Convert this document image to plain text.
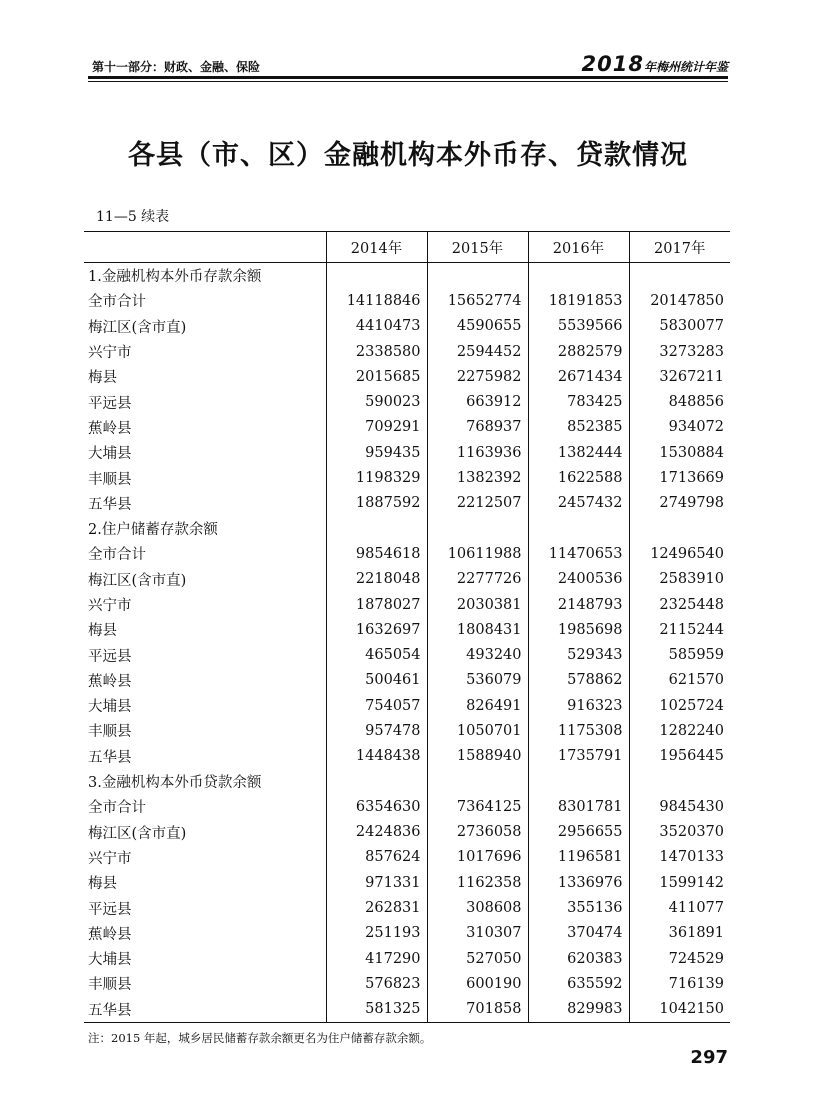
第十一部分：财政、金融、保险	2018年梅州统计年鉴
各县（市、区）金融机构本外币存、贷款情况
11—5 续表
	2014年	2015年	2016年	2017年
1.金融机构本外币存款余额				
全市合计	14118846	15652774	18191853	20147850
梅江区(含市直)	4410473	4590655	5539566	5830077
兴宁市	2338580	2594452	2882579	3273283
梅县	2015685	2275982	2671434	3267211
平远县	590023	663912	783425	848856
蕉岭县	709291	768937	852385	934072
大埔县	959435	1163936	1382444	1530884
丰顺县	1198329	1382392	1622588	1713669
五华县	1887592	2212507	2457432	2749798
2.住户储蓄存款余额				
全市合计	9854618	10611988	11470653	12496540
梅江区(含市直)	2218048	2277726	2400536	2583910
兴宁市	1878027	2030381	2148793	2325448
梅县	1632697	1808431	1985698	2115244
平远县	465054	493240	529343	585959
蕉岭县	500461	536079	578862	621570
大埔县	754057	826491	916323	1025724
丰顺县	957478	1050701	1175308	1282240
五华县	1448438	1588940	1735791	1956445
3.金融机构本外币贷款余额				
全市合计	6354630	7364125	8301781	9845430
梅江区(含市直)	2424836	2736058	2956655	3520370
兴宁市	857624	1017696	1196581	1470133
梅县	971331	1162358	1336976	1599142
平远县	262831	308608	355136	411077
蕉岭县	251193	310307	370474	361891
大埔县	417290	527050	620383	724529
丰顺县	576823	600190	635592	716139
五华县	581325	701858	829983	1042150
注：2015 年起，城乡居民储蓄存款余额更名为住户储蓄存款余额。
297
